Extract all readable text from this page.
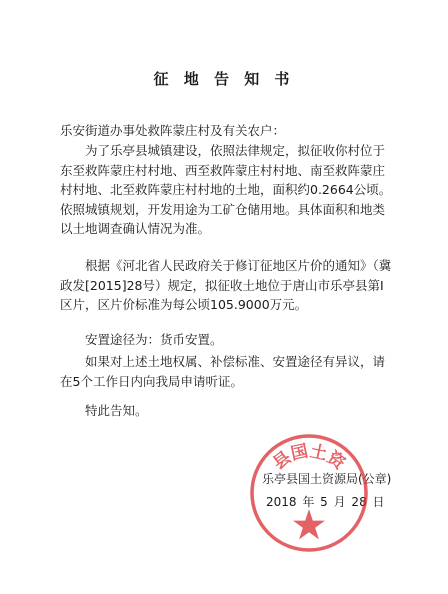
征 地 告 知 书
乐安街道办事处救阵蒙庄村及有关农户：
为了乐亭县城镇建设，依照法律规定，拟征收你村位于东至救阵蒙庄村村地、西至救阵蒙庄村村地、南至救阵蒙庄村村地、北至救阵蒙庄村村地的土地，面积约0.2664公顷。依照城镇规划，开发用途为工矿仓储用地。具体面积和地类以土地调查确认情况为准。
根据《河北省人民政府关于修订征地区片价的通知》（冀政发[2015]28号）规定，拟征收土地位于唐山市乐亭县第I区片，区片价标准为每公顷105.9000万元。
安置途径为：货币安置。
如果对上述土地权属、补偿标准、安置途径有异议，请在5个工作日内向我局申请听证。
特此告知。
乐亭县国土资源局(公章)
2018 年 5 月 28 日
县国土资
